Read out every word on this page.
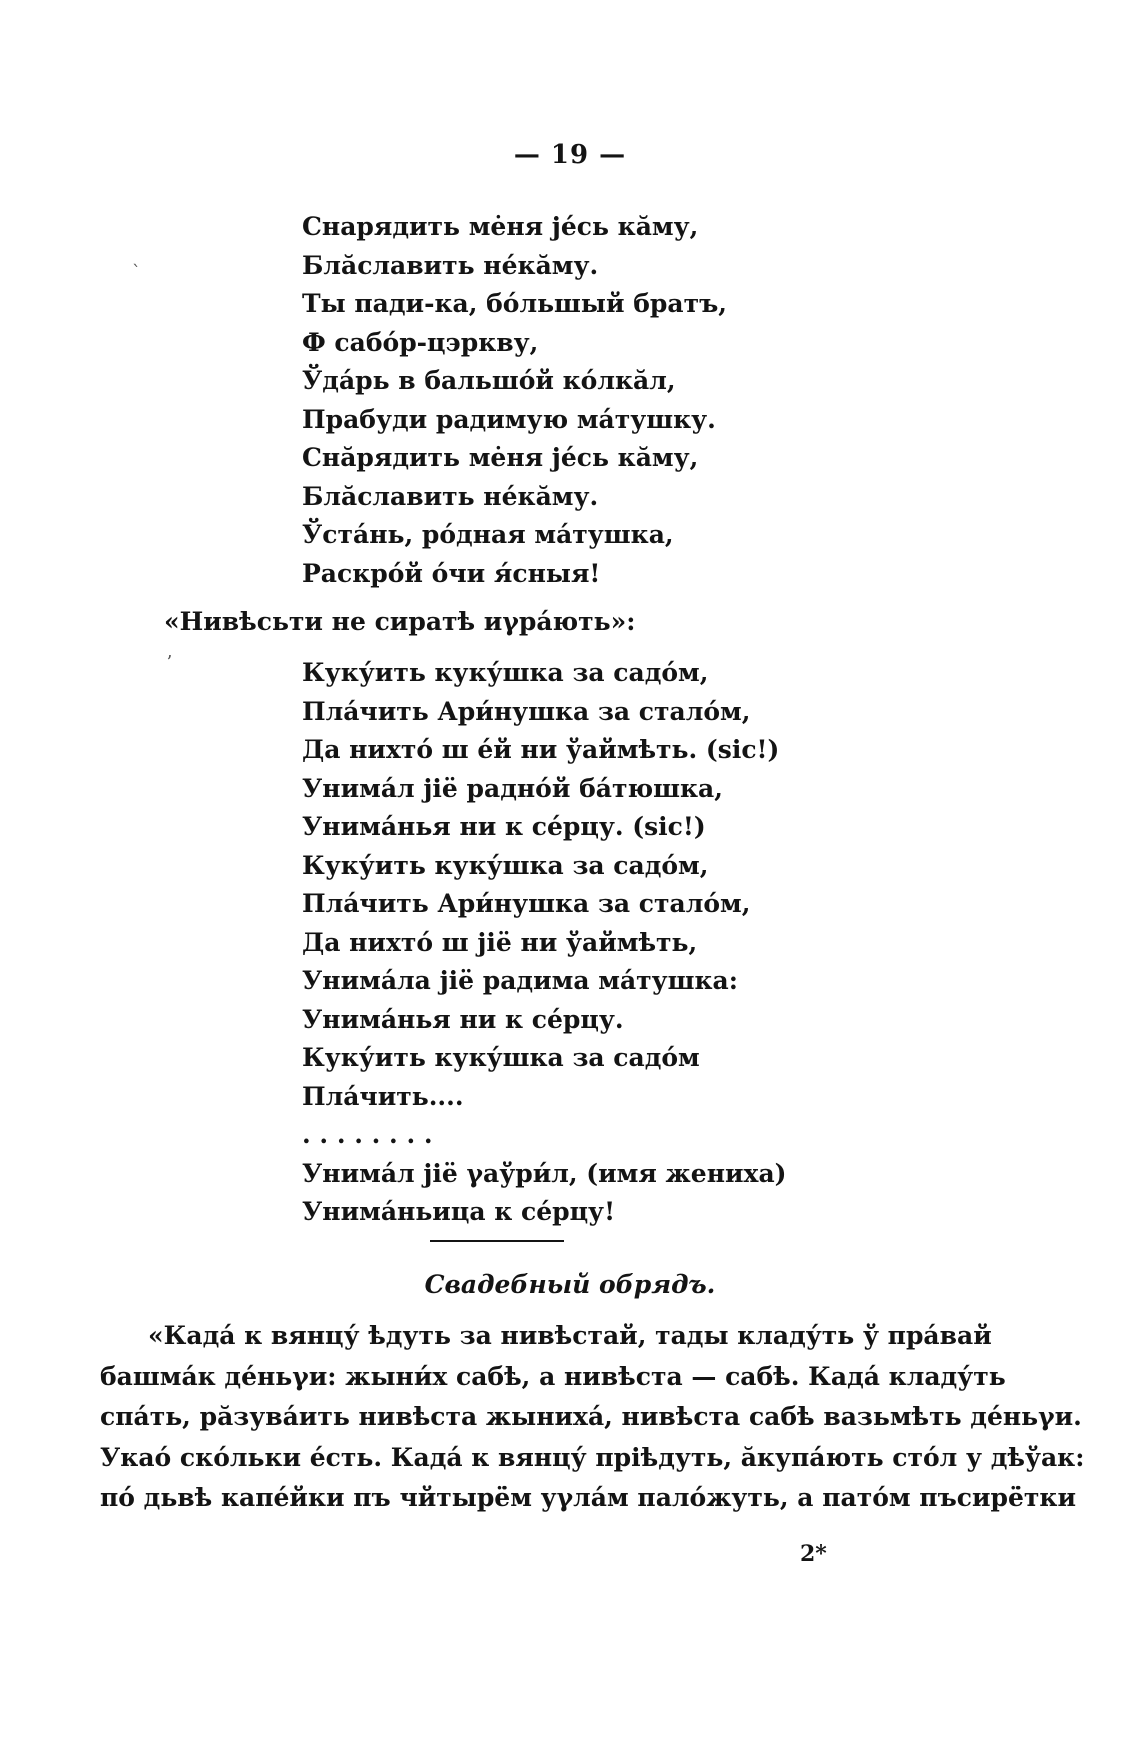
— 19 —
ˋ
ʼ
Снарядить ме̇ня jе́сь кӑму,
Блӑславить не́кӑму.
Ты пади-ка, бо́льшый братъ,
Ф сабо́р-цэркву,
Ўда́рь в бальшо́й ко́лкӑл,
Прабуди радимую ма́тушку.
Снӑрядить ме̇ня jе́сь кӑму,
Блӑславить не́кӑму.
Ўста́нь, ро́дная ма́тушка,
Раскро́й о́чи я́сныя!
«Нивѣсьти не сиратѣ иγра́ють»:
Куку́ить куку́шка за садо́м,
Пла́чить Ари́нушка за стало́м,
Да нихто́ ш е́й ни ўаймѣть. (sic!)
Унима́л jiё радно́й ба́тюшка,
Унима́нья ни к се́рцу. (sic!)
Куку́ить куку́шка за садо́м,
Пла́чить Ари́нушка за стало́м,
Да нихто́ ш jiё ни ўаймѣть,
Унима́ла jiё радима ма́тушка:
Унима́нья ни к се́рцу.
Куку́ить куку́шка за садо́м
Пла́чить....
. . . . . . . .
Унима́л jiё γаўри́л, (имя жениха)
Унима́ньица к се́рцу!
Свадебный обрядъ.
«Када́ к вянцу́ ѣдуть за нивѣстай, тады кладу́ть ў пра́вай
башма́к де́ньγи: жыни́х сабѣ, а нивѣста — сабѣ. Када́ кладу́ть
спа́ть, рӑзува́ить нивѣста жыниха́, нивѣста сабѣ вазьмѣть де́ньγи.
Укао́ ско́льки е́сть. Када́ к вянцу́ прiѣдуть, ӑкупа́ють сто́л у дѣўак:
по́ дьвѣ капе́йки пъ чйтырё̇м уγла́м пало́жуть, а пато́м пъсирё̇тки
2*
